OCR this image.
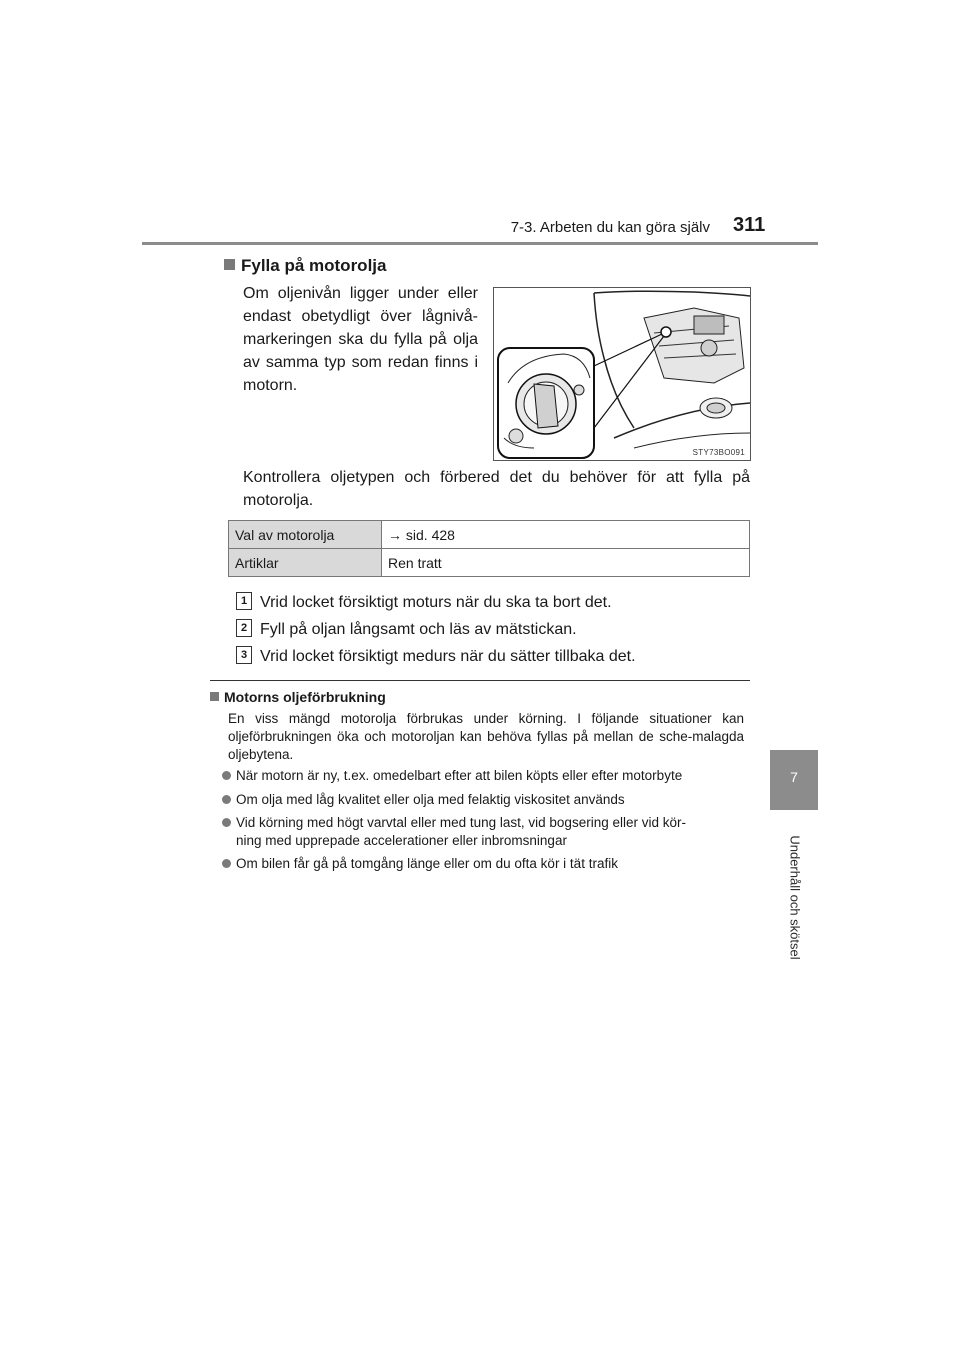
7-3. Arbeten du kan göra själv 311
7
Underhåll och skötsel
Fylla på motorolja
Om oljenivån ligger under eller endast obetydligt över lågnivå-markeringen ska du fylla på olja av samma typ som redan finns i motorn.
STY73BO091
Kontrollera oljetypen och förbered det du behöver för att fylla på motorolja.
Val av motorolja	→ sid. 428
Artiklar	Ren tratt
1 Vrid locket försiktigt moturs när du ska ta bort det.
2 Fyll på oljan långsamt och läs av mätstickan.
3 Vrid locket försiktigt medurs när du sätter tillbaka det.
Motorns oljeförbrukning
En viss mängd motorolja förbrukas under körning. I följande situationer kan oljeförbrukningen öka och motoroljan kan behöva fyllas på mellan de sche-malagda oljebytena.
När motorn är ny, t.ex. omedelbart efter att bilen köpts eller efter motorbyte
Om olja med låg kvalitet eller olja med felaktig viskositet används
Vid körning med högt varvtal eller med tung last, vid bogsering eller vid kör-
ning med upprepade accelerationer eller inbromsningar
Om bilen får gå på tomgång länge eller om du ofta kör i tät trafik
